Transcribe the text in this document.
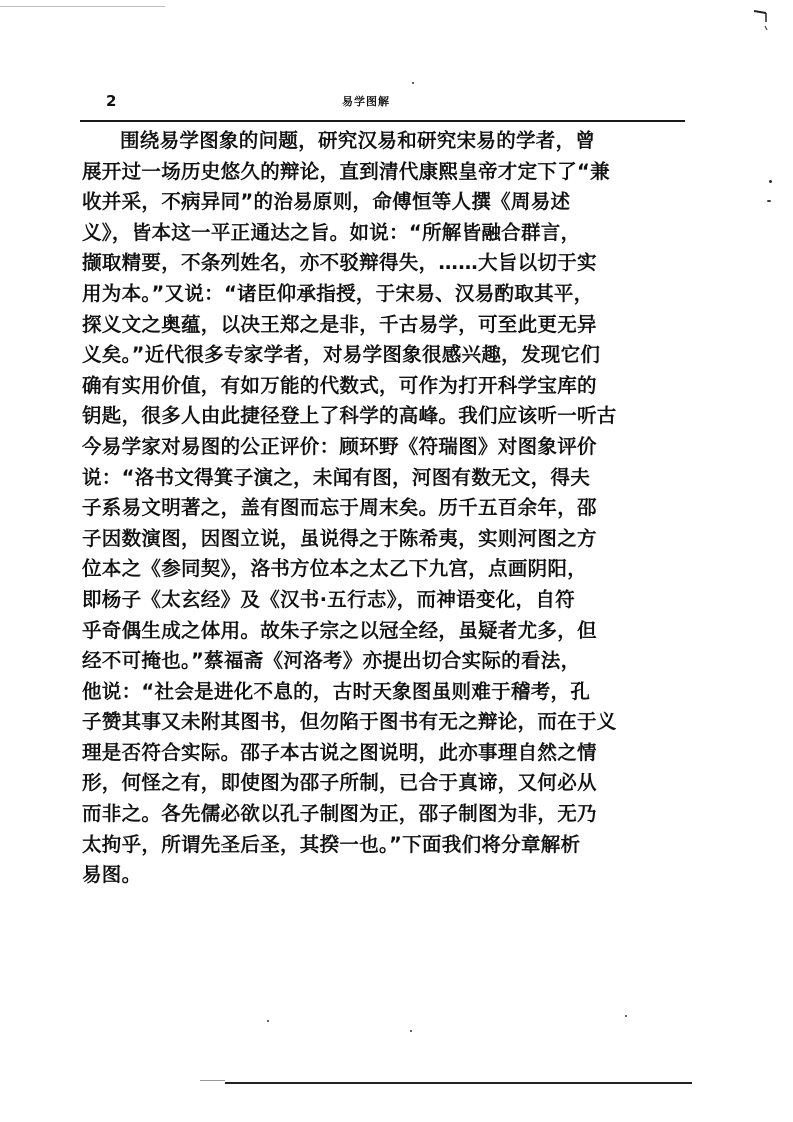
2	易学图解
围绕易学图象的问题，研究汉易和研究宋易的学者，曾
展开过一场历史悠久的辩论，直到清代康熙皇帝才定下了“兼
收并采，不病异同”的治易原则，命傅恒等人撰《周易述
义》，皆本这一平正通达之旨。如说：“所解皆融合群言，
撷取精要，不条列姓名，亦不驳辩得失，……大旨以切于实
用为本。”又说：“诸臣仰承指授，于宋易、汉易酌取其平，
探义文之奥蕴，以决王郑之是非，千古易学，可至此更无异
义矣。”近代很多专家学者，对易学图象很感兴趣，发现它们
确有实用价值，有如万能的代数式，可作为打开科学宝库的
钥匙，很多人由此捷径登上了科学的高峰。我们应该听一听古
今易学家对易图的公正评价：顾环野《符瑞图》对图象评价
说：“洛书文得箕子演之，未闻有图，河图有数无文，得夫
子系易文明著之，盖有图而忘于周末矣。历千五百余年，邵
子因数演图，因图立说，虽说得之于陈希夷，实则河图之方
位本之《参同契》，洛书方位本之太乙下九宫，点画阴阳，
即杨子《太玄经》及《汉书·五行志》，而神语变化，自符
乎奇偶生成之体用。故朱子宗之以冠全经，虽疑者尤多，但
经不可掩也。”蔡福斋《河洛考》亦提出切合实际的看法，
他说：“社会是进化不息的，古时天象图虽则难于稽考，孔
子赞其事又未附其图书，但勿陷于图书有无之辩论，而在于义
理是否符合实际。邵子本古说之图说明，此亦事理自然之情
形，何怪之有，即使图为邵子所制，已合于真谛，又何必从
而非之。各先儒必欲以孔子制图为正，邵子制图为非，无乃
太拘乎，所谓先圣后圣，其揆一也。”下面我们将分章解析
易图。
